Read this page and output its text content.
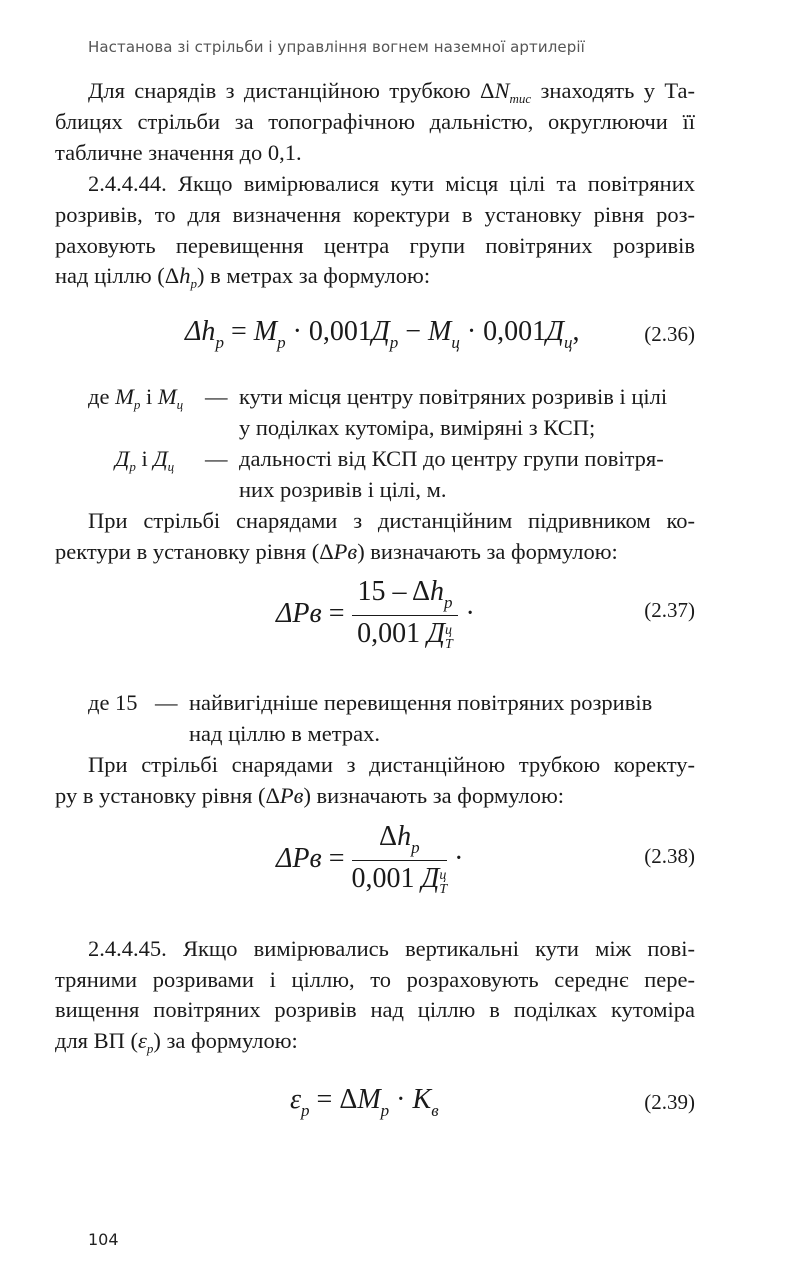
Настанова зі стрільби і управління вогнем наземної артилерії
Для снарядів з дистанційною трубкою $\Delta N_{тиc}$ знаходять у Та-
блицях стрільби за топографічною дальністю, округлюючи її
табличне значення до 0,1.
2.4.4.44. Якщо вимірювалися кути місця цілі та повітряних
розривів, то для визначення коректури в установку рівня роз-
раховують перевищення центра групи повітряних розривів
над ціллю $(\Delta h_р)$ в метрах за формулою:
$\Delta h_р = M_р \cdot 0,001Д_р - M_ц \cdot 0,001Д_ц$,	(2.36)
де $M_р$ і $M_ц$ — кути місця центру повітряних розривів і цілі
у поділках кутоміра, виміряні з КСП;
$Д_р$ і $Д_ц$ — дальності від КСП до центру групи повітря-
них розривів і цілі, м.
При стрільбі снарядами з дистанційним підривником ко-
ректури в установку рівня (ΔPв) визначають за формулою:
$\Delta Pв = 15 - \Delta h_р$
0,001 Д ц
Т ·	(2.37)
де 15 — найвигідніше перевищення повітряних розривів
над ціллю в метрах.
При стрільбі снарядами з дистанційною трубкою коректу-
ру в установку рівня (ΔPв) визначають за формулою:
$\Delta Pв = \Delta h_р$
0,001 Д ц
Т ·	(2.38)
2.4.4.45. Якщо вимірювались вертикальні кути між пові-
тряними розривами і ціллю, то розраховують середнє пере-
вищення повітряних розривів над ціллю в поділках кутоміра
для ВП $(\varepsilon_р)$ за формулою:
$\varepsilon_р = \Delta M_р \cdot K_в$	(2.39)
104
